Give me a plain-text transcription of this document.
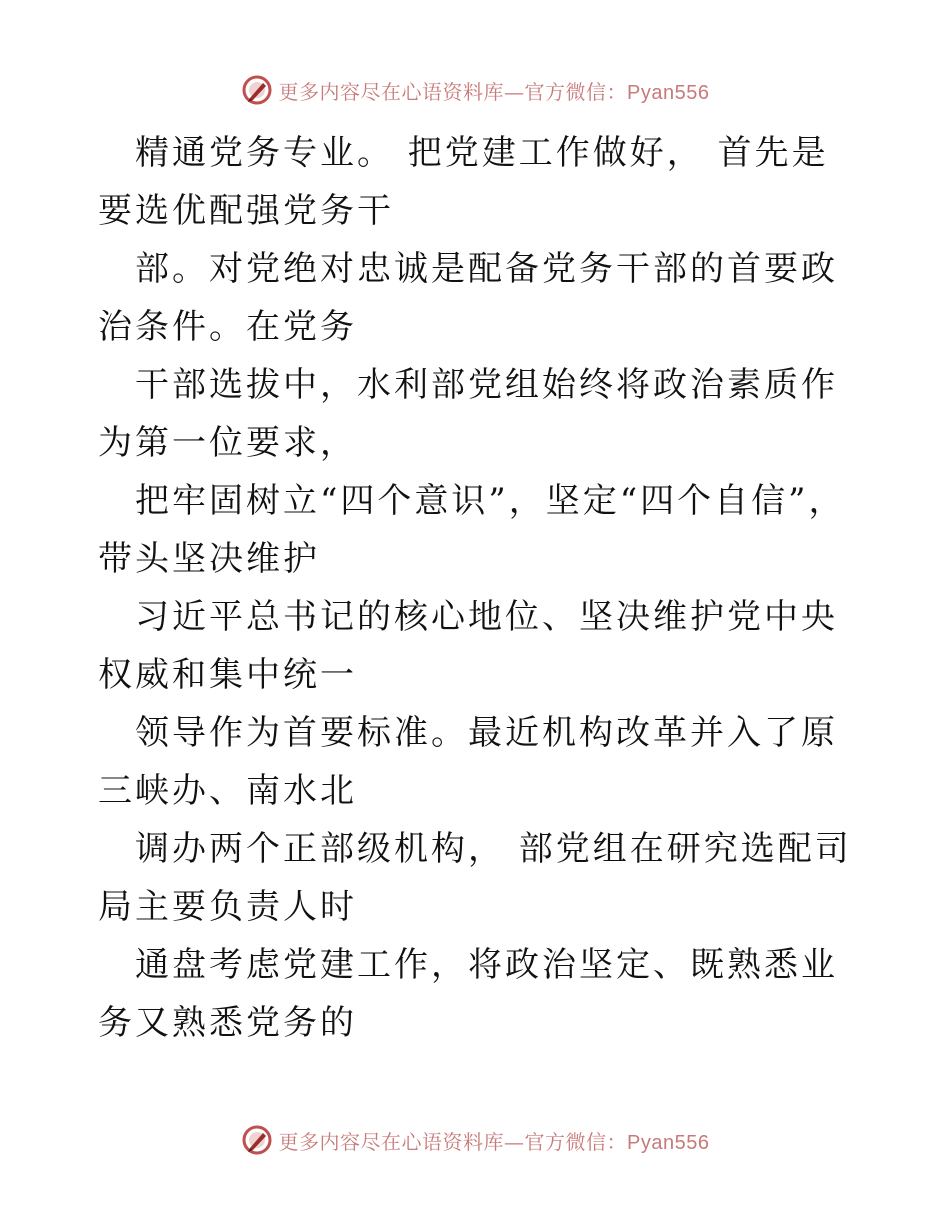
更多内容尽在心语资料库—官方微信：Pyan556

精通党务专业。 把党建工作做好， 首先是要选优配强党务干

部。对党绝对忠诚是配备党务干部的首要政治条件。在党务

干部选拔中，水利部党组始终将政治素质作为第一位要求，

把牢固树立“四个意识”，坚定“四个自信”，带头坚决维护

习近平总书记的核心地位、坚决维护党中央权威和集中统一

领导作为首要标准。最近机构改革并入了原三峡办、南水北

调办两个正部级机构， 部党组在研究选配司局主要负责人时

通盘考虑党建工作，将政治坚定、既熟悉业务又熟悉党务的

更多内容尽在心语资料库—官方微信：Pyan556
